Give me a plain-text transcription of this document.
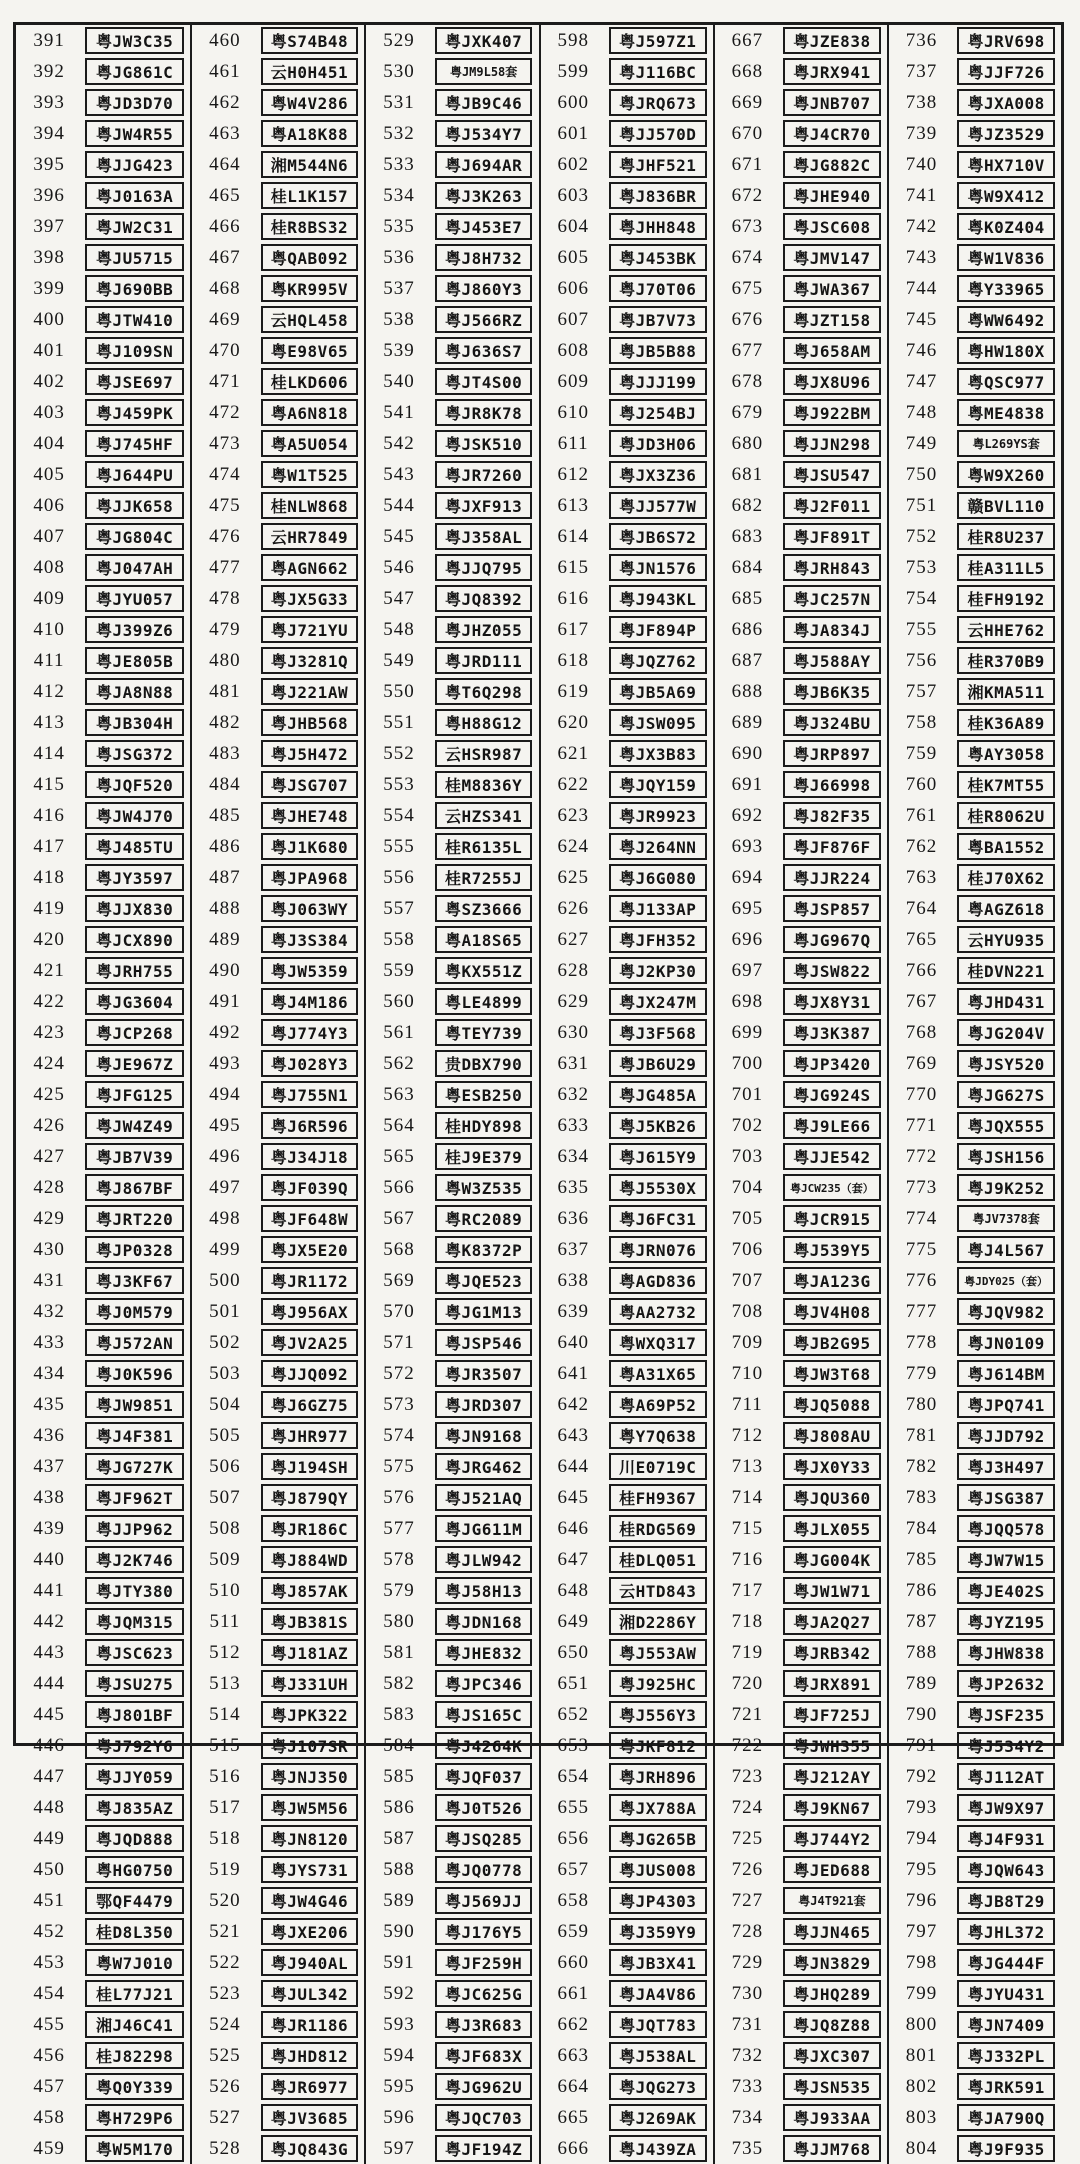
391	粤JW3C35
392	粤JG861C
393	粤JD3D70
394	粤JW4R55
395	粤JJG423
396	粤J0163A
397	粤JW2C31
398	粤JU5715
399	粤J690BB
400	粤JTW410
401	粤J109SN
402	粤JSE697
403	粤J459PK
404	粤J745HF
405	粤J644PU
406	粤JJK658
407	粤JG804C
408	粤J047AH
409	粤JYU057
410	粤J399Z6
411	粤JE805B
412	粤JA8N88
413	粤JB304H
414	粤JSG372
415	粤JQF520
416	粤JW4J70
417	粤J485TU
418	粤JY3597
419	粤JJX830
420	粤JCX890
421	粤JRH755
422	粤JG3604
423	粤JCP268
424	粤JE967Z
425	粤JFG125
426	粤JW4Z49
427	粤JB7V39
428	粤J867BF
429	粤JRT220
430	粤JP0328
431	粤J3KF67
432	粤J0M579
433	粤J572AN
434	粤J0K596
435	粤JW9851
436	粤J4F381
437	粤JG727K
438	粤JF962T
439	粤JJP962
440	粤J2K746
441	粤JTY380
442	粤JQM315
443	粤JSC623
444	粤JSU275
445	粤J801BF
446	粤J792Y6
447	粤JJY059
448	粤J835AZ
449	粤JQD888
450	粤HG0750
451	鄂QF4479
452	桂D8L350
453	粤W7J010
454	桂L77J21
455	湘J46C41
456	桂J82298
457	粤Q0Y339
458	粤H729P6
459	粤W5M170
460	粤S74B48
461	云H0H451
462	粤W4V286
463	粤A18K88
464	湘M544N6
465	桂L1K157
466	桂R8BS32
467	粤QAB092
468	粤KR995V
469	云HQL458
470	粤E98V65
471	桂LKD606
472	粤A6N818
473	粤A5U054
474	粤W1T525
475	桂NLW868
476	云HR7849
477	粤AGN662
478	粤JX5G33
479	粤J721YU
480	粤J3281Q
481	粤J221AW
482	粤JHB568
483	粤J5H472
484	粤JSG707
485	粤JHE748
486	粤J1K680
487	粤JPA968
488	粤J063WY
489	粤J3S384
490	粤JW5359
491	粤J4M186
492	粤J774Y3
493	粤J028Y3
494	粤J755N1
495	粤J6R596
496	粤J34J18
497	粤JF039Q
498	粤JF648W
499	粤JX5E20
500	粤JR1172
501	粤J956AX
502	粤JV2A25
503	粤JJQ092
504	粤J6GZ75
505	粤JHR977
506	粤J194SH
507	粤J879QY
508	粤JR186C
509	粤J884WD
510	粤J857AK
511	粤JB381S
512	粤J181AZ
513	粤J331UH
514	粤JPK322
515	粤J107SR
516	粤JNJ350
517	粤JW5M56
518	粤JN8120
519	粤JYS731
520	粤JW4G46
521	粤JXE206
522	粤J940AL
523	粤JUL342
524	粤JR1186
525	粤JHD812
526	粤JR6977
527	粤JV3685
528	粤JQ843G
529	粤JXK407
530	粤JM9L58套
531	粤JB9C46
532	粤J534Y7
533	粤J694AR
534	粤J3K263
535	粤J453E7
536	粤J8H732
537	粤J860Y3
538	粤J566RZ
539	粤J636S7
540	粤JT4S00
541	粤JR8K78
542	粤JSK510
543	粤JR7260
544	粤JXF913
545	粤J358AL
546	粤JJQ795
547	粤JQ8392
548	粤JHZ055
549	粤JRD111
550	粤T6Q298
551	粤H88G12
552	云HSR987
553	桂M8836Y
554	云HZS341
555	桂R6135L
556	桂R7255J
557	粤SZ3666
558	粤A18S65
559	粤KX551Z
560	粤LE4899
561	粤TEY739
562	贵DBX790
563	粤ESB250
564	桂HDY898
565	桂J9E379
566	粤W3Z535
567	粤RC2089
568	粤K8372P
569	粤JQE523
570	粤JG1M13
571	粤JSP546
572	粤JR3507
573	粤JRD307
574	粤JN9168
575	粤JRG462
576	粤J521AQ
577	粤JG611M
578	粤JLW942
579	粤J58H13
580	粤JDN168
581	粤JHE832
582	粤JPC346
583	粤JS165C
584	粤J4264K
585	粤JQF037
586	粤J0T526
587	粤JSQ285
588	粤JQ0778
589	粤J569JJ
590	粤J176Y5
591	粤JF259H
592	粤JC625G
593	粤J3R683
594	粤JF683X
595	粤JG962U
596	粤JQC703
597	粤JF194Z
598	粤J597Z1
599	粤J116BC
600	粤JRQ673
601	粤JJ570D
602	粤JHF521
603	粤J836BR
604	粤JHH848
605	粤J453BK
606	粤J70T06
607	粤JB7V73
608	粤JB5B88
609	粤JJJ199
610	粤J254BJ
611	粤JD3H06
612	粤JX3Z36
613	粤JJ577W
614	粤JB6S72
615	粤JN1576
616	粤J943KL
617	粤JF894P
618	粤JQZ762
619	粤JB5A69
620	粤JSW095
621	粤JX3B83
622	粤JQY159
623	粤JR9923
624	粤J264NN
625	粤J6G080
626	粤J133AP
627	粤JFH352
628	粤J2KP30
629	粤JX247M
630	粤J3F568
631	粤JB6U29
632	粤JG485A
633	粤J5KB26
634	粤J615Y9
635	粤J5530X
636	粤J6FC31
637	粤JRN076
638	粤AGD836
639	粤AA2732
640	粤WXQ317
641	粤A31X65
642	粤A69P52
643	粤Y7Q638
644	川E0719C
645	桂FH9367
646	桂RDG569
647	桂DLQ051
648	云HTD843
649	湘D2286Y
650	粤J553AW
651	粤J925HC
652	粤J556Y3
653	粤JKF812
654	粤JRH896
655	粤JX788A
656	粤JG265B
657	粤JUS008
658	粤JP4303
659	粤J359Y9
660	粤JB3X41
661	粤JA4V86
662	粤JQT783
663	粤J538AL
664	粤JQG273
665	粤J269AK
666	粤J439ZA
667	粤JZE838
668	粤JRX941
669	粤JNB707
670	粤J4CR70
671	粤JG882C
672	粤JHE940
673	粤JSC608
674	粤JMV147
675	粤JWA367
676	粤JZT158
677	粤J658AM
678	粤JX8U96
679	粤J922BM
680	粤JJN298
681	粤JSU547
682	粤J2F011
683	粤JF891T
684	粤JRH843
685	粤JC257N
686	粤JA834J
687	粤J588AY
688	粤JB6K35
689	粤J324BU
690	粤JRP897
691	粤J66998
692	粤J82F35
693	粤JF876F
694	粤JJR224
695	粤JSP857
696	粤JG967Q
697	粤JSW822
698	粤JX8Y31
699	粤J3K387
700	粤JP3420
701	粤JG924S
702	粤J9LE66
703	粤JJE542
704	粤JCW235（套）
705	粤JCR915
706	粤J539Y5
707	粤JA123G
708	粤JV4H08
709	粤JB2G95
710	粤JW3T68
711	粤JQ5088
712	粤J808AU
713	粤JX0Y33
714	粤JQU360
715	粤JLX055
716	粤JG004K
717	粤JW1W71
718	粤JA2Q27
719	粤JRB342
720	粤JRX891
721	粤JF725J
722	粤JWH355
723	粤J212AY
724	粤J9KN67
725	粤J744Y2
726	粤JED688
727	粤J4T921套
728	粤JJN465
729	粤JN3829
730	粤JHQ289
731	粤JQ8Z88
732	粤JXC307
733	粤JSN535
734	粤J933AA
735	粤JJM768
736	粤JRV698
737	粤JJF726
738	粤JXA008
739	粤JZ3529
740	粤HX710V
741	粤W9X412
742	粤K0Z404
743	粤W1V836
744	粤Y33965
745	粤WW6492
746	粤HW180X
747	粤QSC977
748	粤ME4838
749	粤L269YS套
750	粤W9X260
751	赣BVL110
752	桂R8U237
753	桂A311L5
754	桂FH9192
755	云HHE762
756	桂R370B9
757	湘KMA511
758	桂K36A89
759	粤AY3058
760	桂K7MT55
761	桂R8062U
762	粤BA1552
763	桂J70X62
764	粤AGZ618
765	云HYU935
766	桂DVN221
767	粤JHD431
768	粤JG204V
769	粤JSY520
770	粤JG627S
771	粤JQX555
772	粤JSH156
773	粤J9K252
774	粤JV7378套
775	粤J4L567
776	粤JDY025（套）
777	粤JQV982
778	粤JN0109
779	粤J614BM
780	粤JPQ741
781	粤JJD792
782	粤J3H497
783	粤JSG387
784	粤JQQ578
785	粤JW7W15
786	粤JE402S
787	粤JYZ195
788	粤JHW838
789	粤JP2632
790	粤JSF235
791	粤J534Y2
792	粤J112AT
793	粤JW9X97
794	粤J4F931
795	粤JQW643
796	粤JB8T29
797	粤JHL372
798	粤JG444F
799	粤JYU431
800	粤JN7409
801	粤J332PL
802	粤JRK591
803	粤JA790Q
804	粤J9F935
